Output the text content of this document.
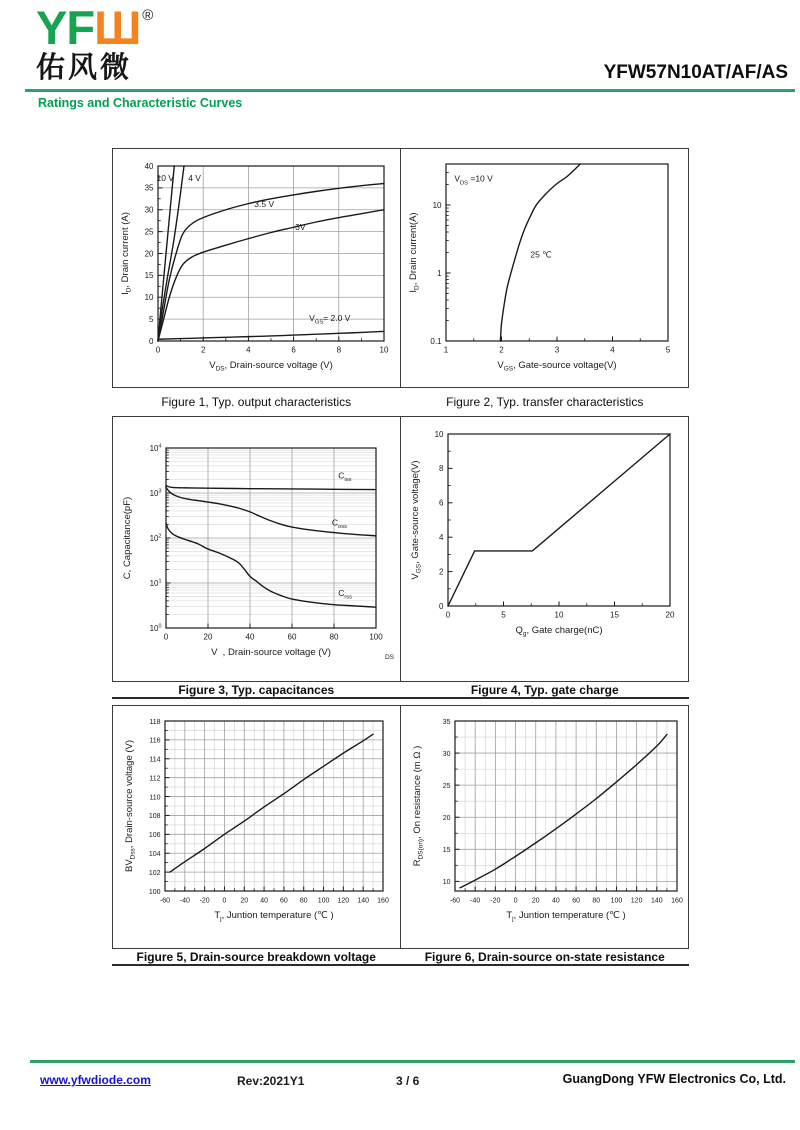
YFШ ®
佑风微	YFW57N10AT/AF/AS
Ratings and Characteristic Curves
0	2	4	6	8	10
0
5
10
15
20
25
30
35
40
10 V 4 V
3.5 V
3V
$V_{GS}= 2.0$ V
$V_{DS}$, Drain-source voltage (V)
$I_D$, Drain current (A)
1	2	3	4	5
0.1
1
10
$V_{DS} =10$ V
25 ℃
$V_{GS}$, Gate-source voltage(V)
$I_D$, Drain current(A)
Figure 1, Typ. output characteristics	Figure 2, Typ. transfer characteristics
0	20	40	60	80	100
$10^0$
$10^1$
$10^2$
$10^3$
$10^4$
$C_{iss}$
$C_{oss}$
$C_{rss}$
V  , Drain-source voltage (V)	DS
C, Capacitance(pF)
0	5	10	15	20
0
2
4
6
8
10
$Q_g$, Gate charge(nC)
$V_{GS}$, Gate-source voltage(V)
Figure 3, Typ. capacitances	Figure 4, Typ. gate charge
-60 -40 -20 0 20 40 60 80 100 120 140 160
100
102
104
106
108
110
112
114
116
118
$T_j$, Juntion temperature (℃ )
$BV_{Dss}$, Drain-source voltage (V)
-60 -40 -20 0 20 40 60 80 100 120 140 160
10
15
20
25
30
35
$T_j$, Juntion temperature (℃ )
$R_{DS(on)}$, On resistance (m Ω )
Figure 5, Drain-source breakdown voltage	Figure 6, Drain-source on-state resistance
www.yfwdiode.com	Rev:2021Y1	3 / 6	GuangDong YFW Electronics Co, Ltd.
